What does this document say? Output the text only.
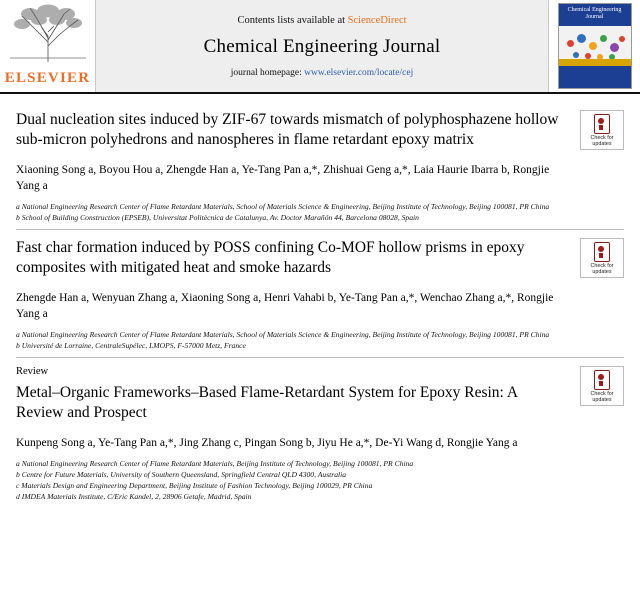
ELSEVIER
Contents lists available at ScienceDirect
Chemical Engineering Journal
journal homepage: www.elsevier.com/locate/cej
Chemical Engineering Journal
Check for
updates
Dual nucleation sites induced by ZIF-67 towards mismatch of polyphosphazene hollow sub-micron polyhedrons and nanospheres in flame retardant epoxy matrix
Xiaoning Song a, Boyou Hou a, Zhengde Han a, Ye-Tang Pan a,*, Zhishuai Geng a,*, Laia Haurie Ibarra b, Rongjie Yang a
a National Engineering Research Center of Flame Retardant Materials, School of Materials Science & Engineering, Beijing Institute of Technology, Beijing 100081, PR China
b School of Building Construction (EPSEB), Universitat Politècnica de Catalunya, Av. Doctor Marañón 44, Barcelona 08028, Spain
Check for
updates
Fast char formation induced by POSS confining Co-MOF hollow prisms in epoxy composites with mitigated heat and smoke hazards
Zhengde Han a, Wenyuan Zhang a, Xiaoning Song a, Henri Vahabi b, Ye-Tang Pan a,*, Wenchao Zhang a,*, Rongjie Yang a
a National Engineering Research Center of Flame Retardant Materials, School of Materials Science & Engineering, Beijing Institute of Technology, Beijing 100081, PR China
b Université de Lorraine, CentraleSupélec, LMOPS, F-57000 Metz, France
Check for
updates
Review
Metal–Organic Frameworks–Based Flame-Retardant System for Epoxy Resin: A Review and Prospect
Kunpeng Song a, Ye-Tang Pan a,*, Jing Zhang c, Pingan Song b, Jiyu He a,*, De-Yi Wang d, Rongjie Yang a
a National Engineering Research Center of Flame Retardant Materials, Beijing Institute of Technology, Beijing 100081, PR China
b Centre for Future Materials, University of Southern Queensland, Springfield Central QLD 4300, Australia
c Materials Design and Engineering Department, Beijing Institute of Fashion Technology, Beijing 100029, PR China
d IMDEA Materials Institute, C/Eric Kandel, 2, 28906 Getafe, Madrid, Spain
